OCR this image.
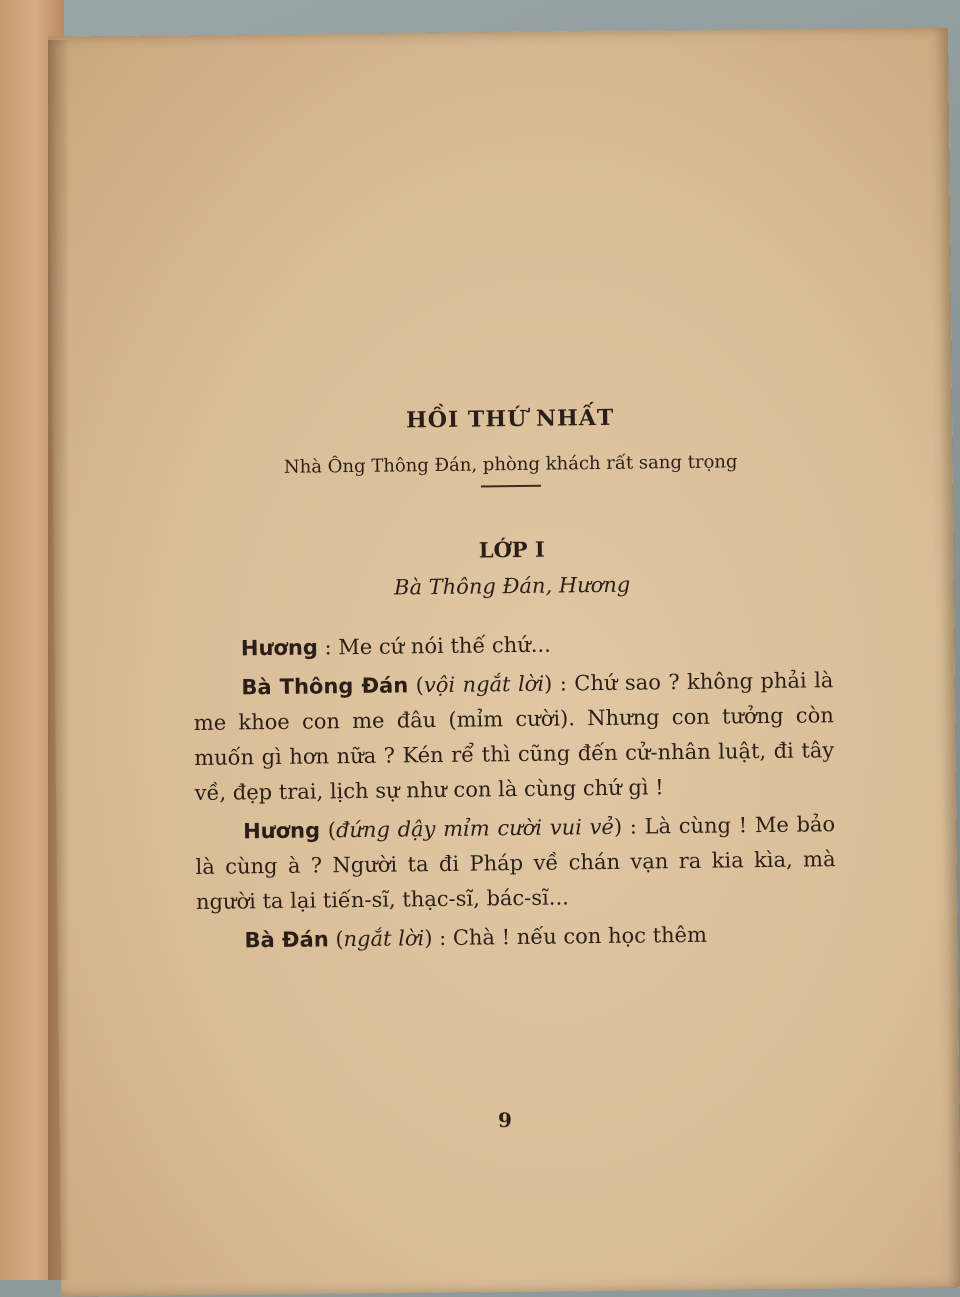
HỒI THỨ NHẤT
Nhà Ông Thông Đán, phòng khách rất sang trọng
LỚP I
Bà Thông Đán, Hương

Hương : Me cứ nói thế chứ...

Bà Thông Đán (vội ngắt lời) : Chứ sao ? không phải là me khoe con me đâu (mỉm cười). Nhưng con tưởng còn muốn gì hơn nữa ? Kén rể thì cũng đến cử-nhân luật, đi tây về, đẹp trai, lịch sự như con là cùng chứ gì !

Hương (đứng dậy mỉm cười vui vẻ) : Là cùng ! Me bảo là cùng à ? Người ta đi Pháp về chán vạn ra kia kìa, mà người ta lại tiến-sĩ, thạc-sĩ, bác-sĩ...

Bà Đán (ngắt lời) : Chà ! nếu con học thêm

9
